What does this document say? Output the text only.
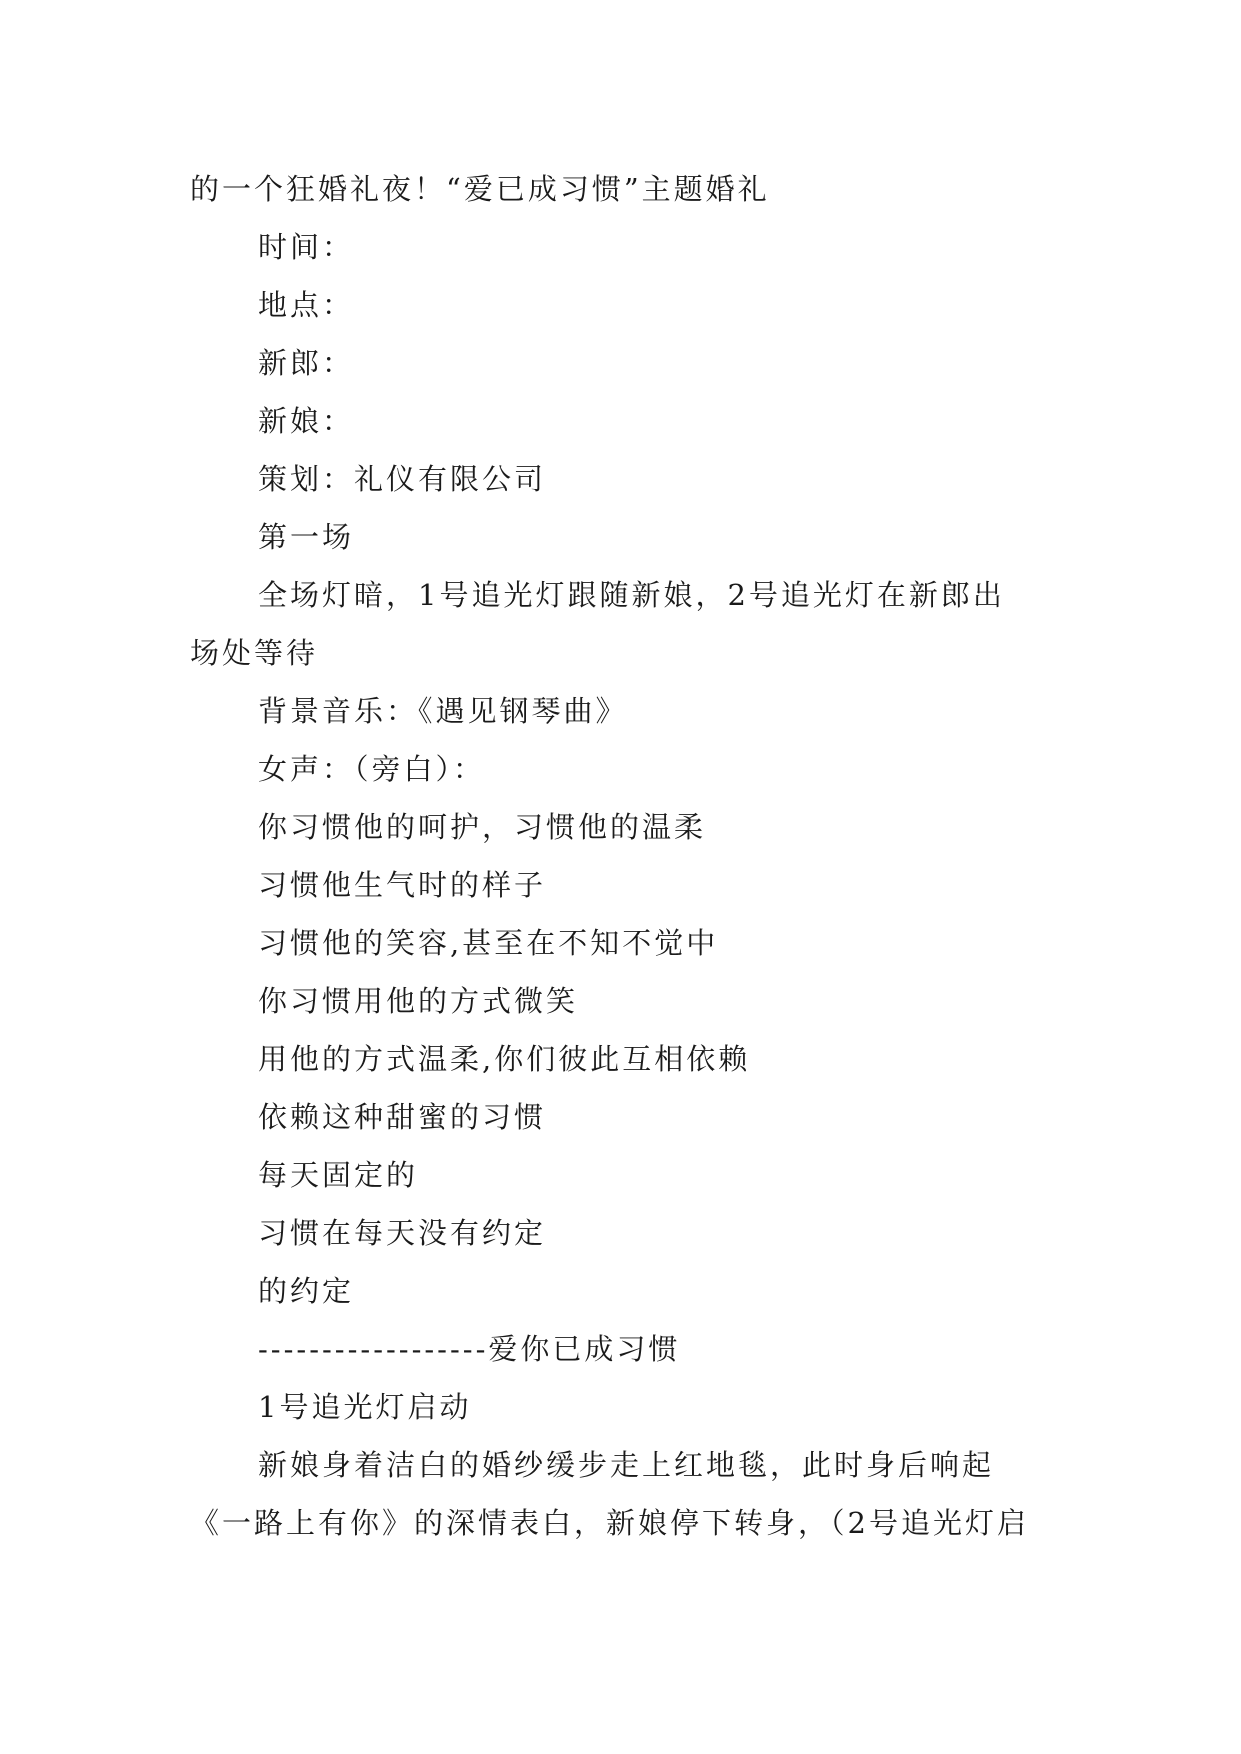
的一个狂婚礼夜！“爱已成习惯”主题婚礼

时间：

地点：

新郎：

新娘：

策划：礼仪有限公司

第一场

全场灯暗，1号追光灯跟随新娘，2号追光灯在新郎出

场处等待

背景音乐：《遇见钢琴曲》

女声：（旁白）：

你习惯他的呵护，习惯他的温柔

习惯他生气时的样子

习惯他的笑容,甚至在不知不觉中

你习惯用他的方式微笑

用他的方式温柔,你们彼此互相依赖

依赖这种甜蜜的习惯

每天固定的

习惯在每天没有约定

的约定

------------------爱你已成习惯

1号追光灯启动

新娘身着洁白的婚纱缓步走上红地毯，此时身后响起

《一路上有你》的深情表白，新娘停下转身，（2号追光灯启
